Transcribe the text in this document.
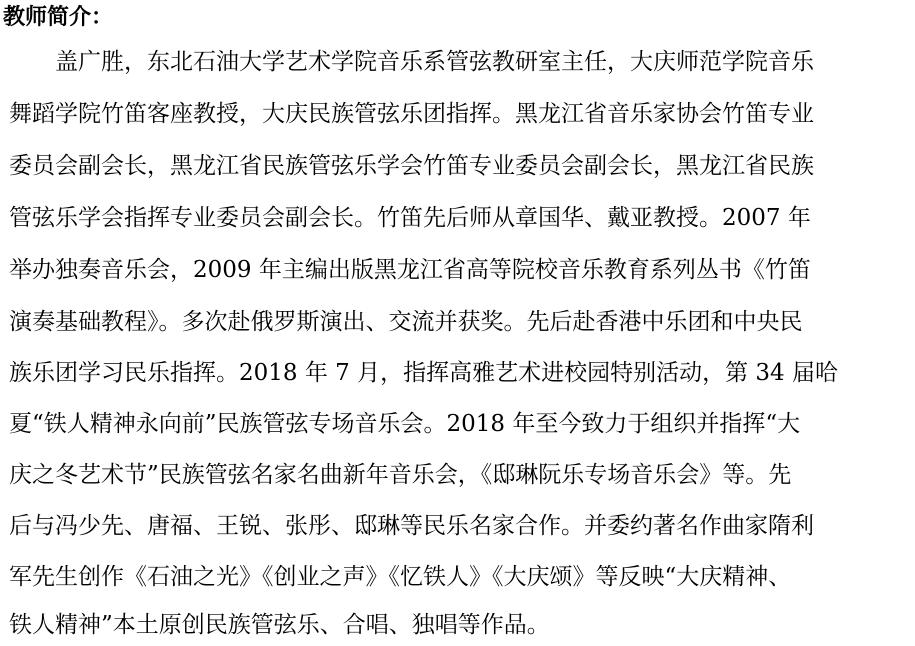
教师简介：
　　盖广胜，东北石油大学艺术学院音乐系管弦教研室主任，大庆师范学院音乐
舞蹈学院竹笛客座教授，大庆民族管弦乐团指挥。黑龙江省音乐家协会竹笛专业
委员会副会长，黑龙江省民族管弦乐学会竹笛专业委员会副会长，黑龙江省民族
管弦乐学会指挥专业委员会副会长。竹笛先后师从章国华、戴亚教授。2007 年
举办独奏音乐会，2009 年主编出版黑龙江省高等院校音乐教育系列丛书《竹笛
演奏基础教程》。多次赴俄罗斯演出、交流并获奖。先后赴香港中乐团和中央民
族乐团学习民乐指挥。2018 年 7 月，指挥高雅艺术进校园特别活动，第 34 届哈
夏“铁人精神永向前”民族管弦专场音乐会。2018 年至今致力于组织并指挥“大
庆之冬艺术节”民族管弦名家名曲新年音乐会，《邸琳阮乐专场音乐会》等。先
后与冯少先、唐福、王锐、张彤、邸琳等民乐名家合作。并委约著名作曲家隋利
军先生创作《石油之光》《创业之声》《忆铁人》《大庆颂》等反映“大庆精神、
铁人精神”本土原创民族管弦乐、合唱、独唱等作品。
